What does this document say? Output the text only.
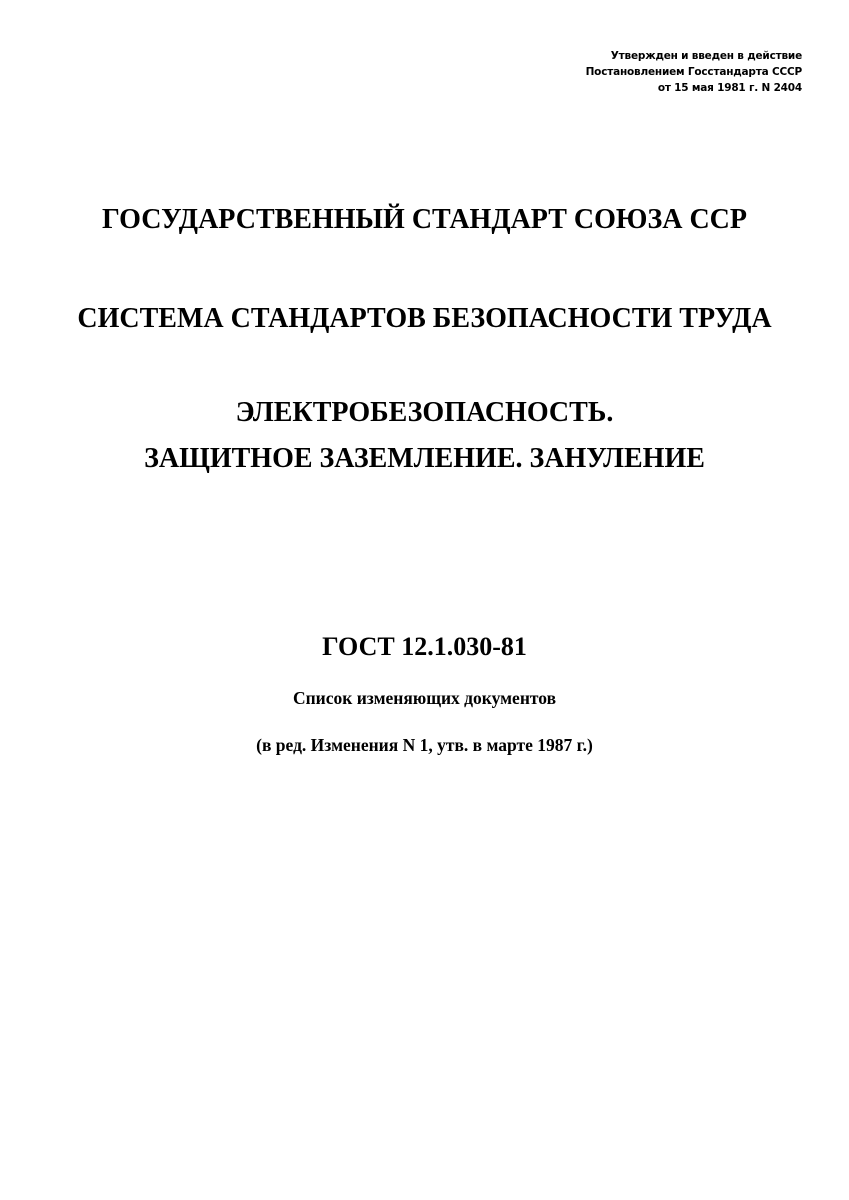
Утвержден и введен в действие
Постановлением Госстандарта СССР
от 15 мая 1981 г. N 2404
ГОСУДАРСТВЕННЫЙ СТАНДАРТ СОЮЗА ССР
СИСТЕМА СТАНДАРТОВ БЕЗОПАСНОСТИ ТРУДА
ЭЛЕКТРОБЕЗОПАСНОСТЬ.
ЗАЩИТНОЕ ЗАЗЕМЛЕНИЕ. ЗАНУЛЕНИЕ
ГОСТ 12.1.030-81
Список изменяющих документов
(в ред. Изменения N 1, утв. в марте 1987 г.)
